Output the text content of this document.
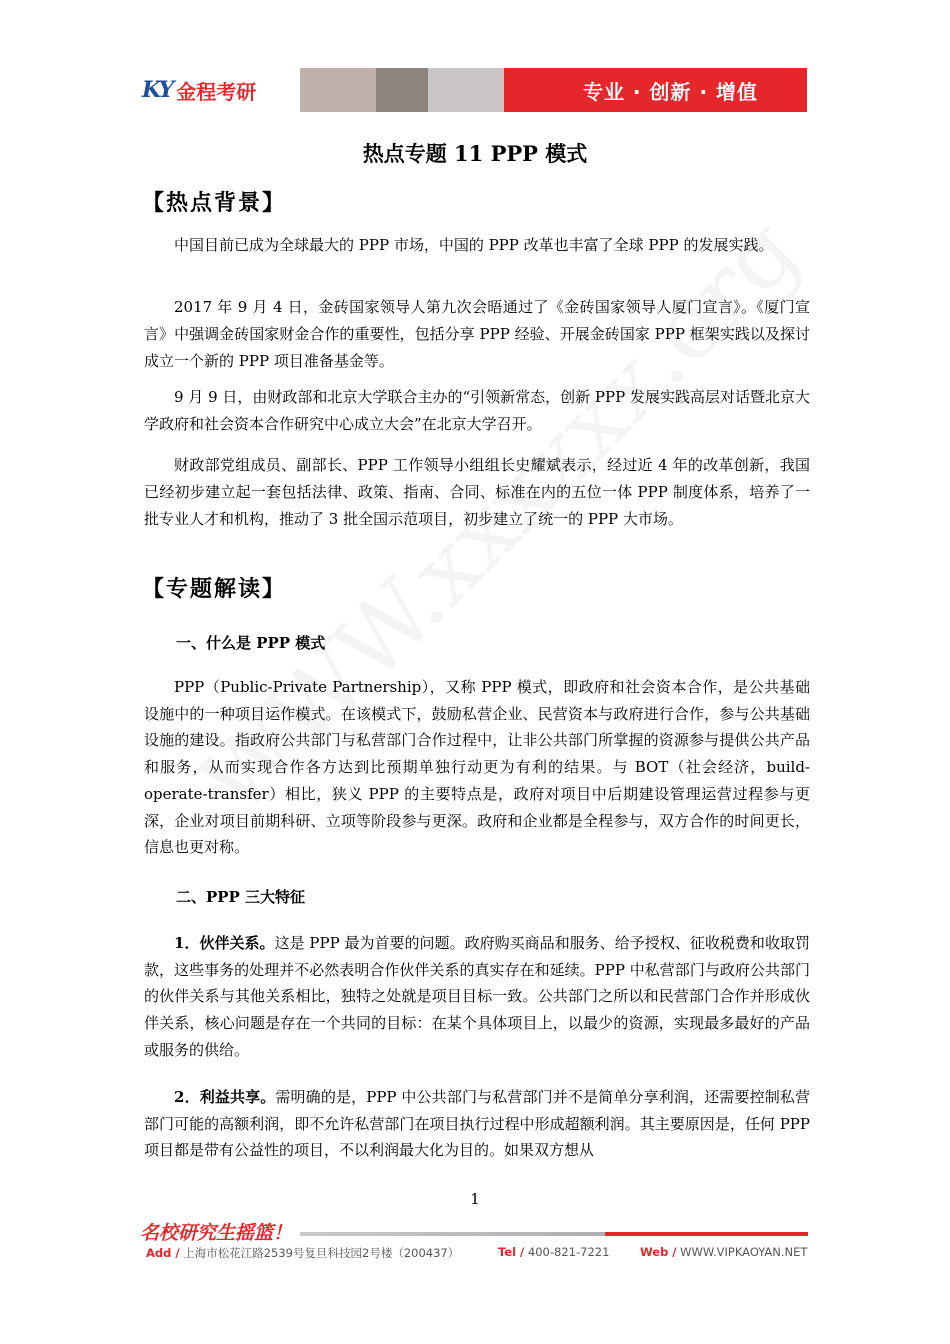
KY 金程考研	专业 · 创新 · 增值
热点专题 11 PPP 模式
【热点背景】

中国目前已成为全球最大的 PPP 市场，中国的 PPP 改革也丰富了全球 PPP 的发展实践。

2017 年 9 月 4 日，金砖国家领导人第九次会晤通过了《金砖国家领导人厦门宣言》。《厦门宣言》中强调金砖国家财金合作的重要性，包括分享 PPP 经验、开展金砖国家 PPP 框架实践以及探讨成立一个新的 PPP 项目准备基金等。

9 月 9 日，由财政部和北京大学联合主办的“引领新常态，创新 PPP 发展实践高层对话暨北京大学政府和社会资本合作研究中心成立大会”在北京大学召开。

财政部党组成员、副部长、PPP 工作领导小组组长史耀斌表示，经过近 4 年的改革创新，我国已经初步建立起一套包括法律、政策、指南、合同、标准在内的五位一体 PPP 制度体系，培养了一批专业人才和机构，推动了 3 批全国示范项目，初步建立了统一的 PPP 大市场。

【专题解读】
一、什么是 PPP 模式

PPP（Public-Private Partnership），又称 PPP 模式，即政府和社会资本合作，是公共基础设施中的一种项目运作模式。在该模式下，鼓励私营企业、民营资本与政府进行合作，参与公共基础设施的建设。指政府公共部门与私营部门合作过程中，让非公共部门所掌握的资源参与提供公共产品和服务，从而实现合作各方达到比预期单独行动更为有利的结果。与 BOT（社会经济，build-operate-transfer）相比，狭义 PPP 的主要特点是，政府对项目中后期建设管理运营过程参与更深，企业对项目前期科研、立项等阶段参与更深。政府和企业都是全程参与，双方合作的时间更长，信息也更对称。

二、PPP 三大特征

1．伙伴关系。这是 PPP 最为首要的问题。政府购买商品和服务、给予授权、征收税费和收取罚款，这些事务的处理并不必然表明合作伙伴关系的真实存在和延续。PPP 中私营部门与政府公共部门的伙伴关系与其他关系相比，独特之处就是项目目标一致。公共部门之所以和民营部门合作并形成伙伴关系，核心问题是存在一个共同的目标：在某个具体项目上，以最少的资源，实现最多最好的产品或服务的供给。

2．利益共享。需明确的是，PPP 中公共部门与私营部门并不是简单分享利润，还需要控制私营部门可能的高额利润，即不允许私营部门在项目执行过程中形成超额利润。其主要原因是，任何 PPP 项目都是带有公益性的项目，不以利润最大化为目的。如果双方想从

1
名校研究生摇篮！
Add / 上海市松花江路2539号复旦科技园2号楼（200437）	Tel / 400-821-7221	Web / WWW.VIPKAOYAN.NET
